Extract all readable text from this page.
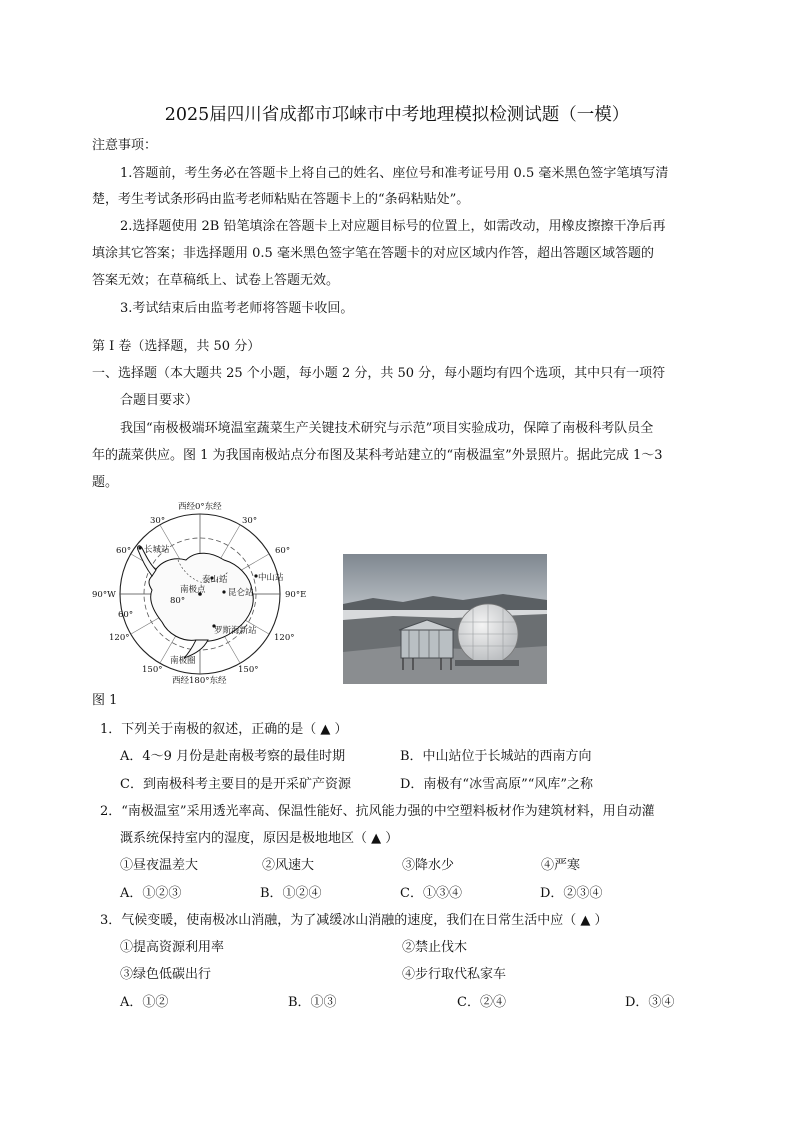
2025届四川省成都市邛崃市中考地理模拟检测试题（一模）
注意事项：
1.答题前，考生务必在答题卡上将自己的姓名、座位号和准考证号用 0.5 毫米黑色签字笔填写清
楚，考生考试条形码由监考老师粘贴在答题卡上的“条码粘贴处”。
2.选择题使用 2B 铅笔填涂在答题卡上对应题目标号的位置上，如需改动，用橡皮擦擦干净后再
填涂其它答案；非选择题用 0.5 毫米黑色签字笔在答题卡的对应区域内作答，超出答题区域答题的
答案无效；在草稿纸上、试卷上答题无效。
3.考试结束后由监考老师将答题卡收回。
第 I 卷（选择题，共 50 分）
一、选择题（本大题共 25 个小题，每小题 2 分，共 50 分，每小题均有四个选项，其中只有一项符
合题目要求）
我国“南极极端环境温室蔬菜生产关键技术研究与示范”项目实验成功，保障了南极科考队员全
年的蔬菜供应。图 1 为我国南极站点分布图及某科考站建立的“南极温室”外景照片。据此完成 1～3
题。
西经0°东经
西经180°东经
90°W	90°E
30°	30°
60°	60°
60°
80°
120°	120°
150°	150°
长城站
泰山站	中山站
昆仑站
南极点
罗斯海新站
南极圈
图 1
1．下列关于南极的叙述，正确的是（ ▲ ）
A．4～9 月份是赴南极考察的最佳时期	B．中山站位于长城站的西南方向
C．到南极科考主要目的是开采矿产资源	D．南极有“冰雪高原”“风库”之称
2．“南极温室”采用透光率高、保温性能好、抗风能力强的中空塑料板材作为建筑材料，用自动灌
溉系统保持室内的湿度，原因是极地地区（ ▲ ）
①昼夜温差大	②风速大	③降水少	④严寒
A．①②③	B．①②④	C．①③④	D．②③④
3．气候变暖，使南极冰山消融，为了减缓冰山消融的速度，我们在日常生活中应（ ▲ ）
①提高资源利用率	②禁止伐木
③绿色低碳出行	④步行取代私家车
A．①②	B．①③	C．②④	D．③④
